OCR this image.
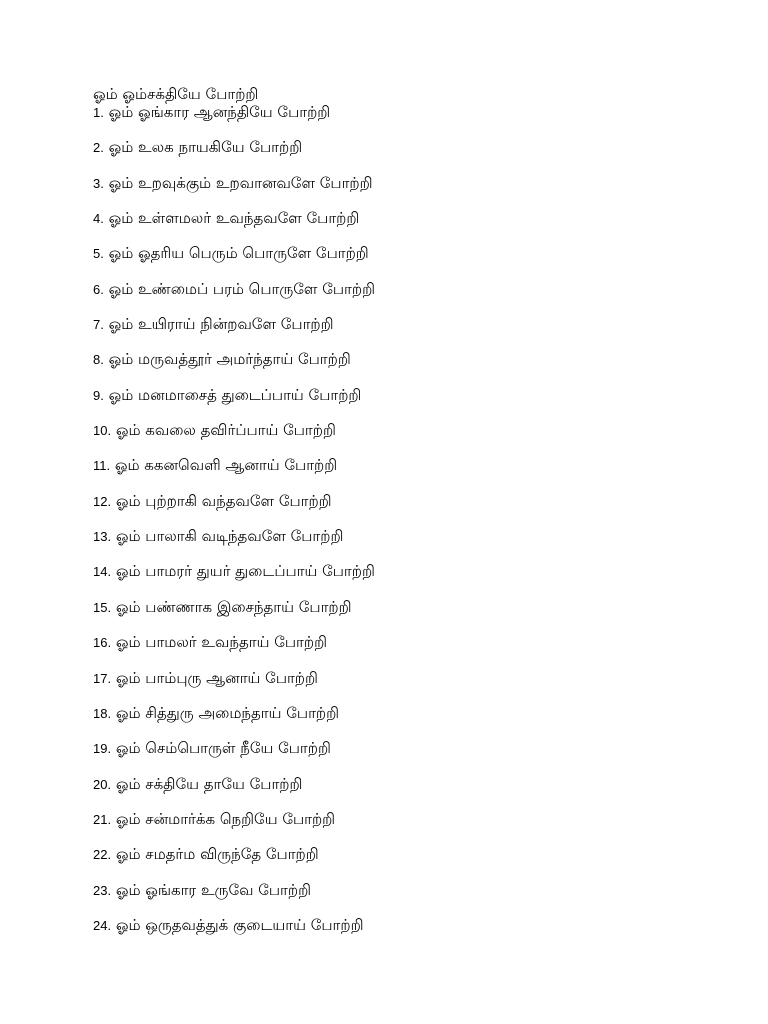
ஓம் ஓம்சக்தியே போற்றி
1. ஓம் ஓங்கார ஆனந்தியே போற்றி
2. ஓம் உலக நாயகியே போற்றி
3. ஓம் உறவுக்கும் உறவானவளே போற்றி
4. ஓம் உள்ளமலர் உவந்தவளே போற்றி
5. ஓம் ஓதரிய பெரும் பொருளே போற்றி
6. ஓம் உண்மைப் பரம் பொருளே போற்றி
7. ஓம் உயிராய் நின்றவளே போற்றி
8. ஓம் மருவத்தூர் அமர்ந்தாய் போற்றி
9. ஓம் மனமாசைத் துடைப்பாய் போற்றி
10. ஓம் கவலை தவிர்ப்பாய் போற்றி
11. ஓம் ககனவெளி ஆனாய் போற்றி
12. ஓம் புற்றாகி வந்தவளே போற்றி
13. ஓம் பாலாகி வடிந்தவளே போற்றி
14. ஓம் பாமரர் துயர் துடைப்பாய் போற்றி
15. ஓம் பண்ணாக இசைந்தாய் போற்றி
16. ஓம் பாமலர் உவந்தாய் போற்றி
17. ஓம் பாம்புரு ஆனாய் போற்றி
18. ஓம் சித்துரு அமைந்தாய் போற்றி
19. ஓம் செம்பொருள் நீயே போற்றி
20. ஓம் சக்தியே தாயே போற்றி
21. ஓம் சன்மார்க்க நெறியே போற்றி
22. ஓம் சமதர்ம விருந்தே போற்றி
23. ஓம் ஓங்கார உருவே போற்றி
24. ஓம் ஒருதவத்துக் குடையாய் போற்றி
